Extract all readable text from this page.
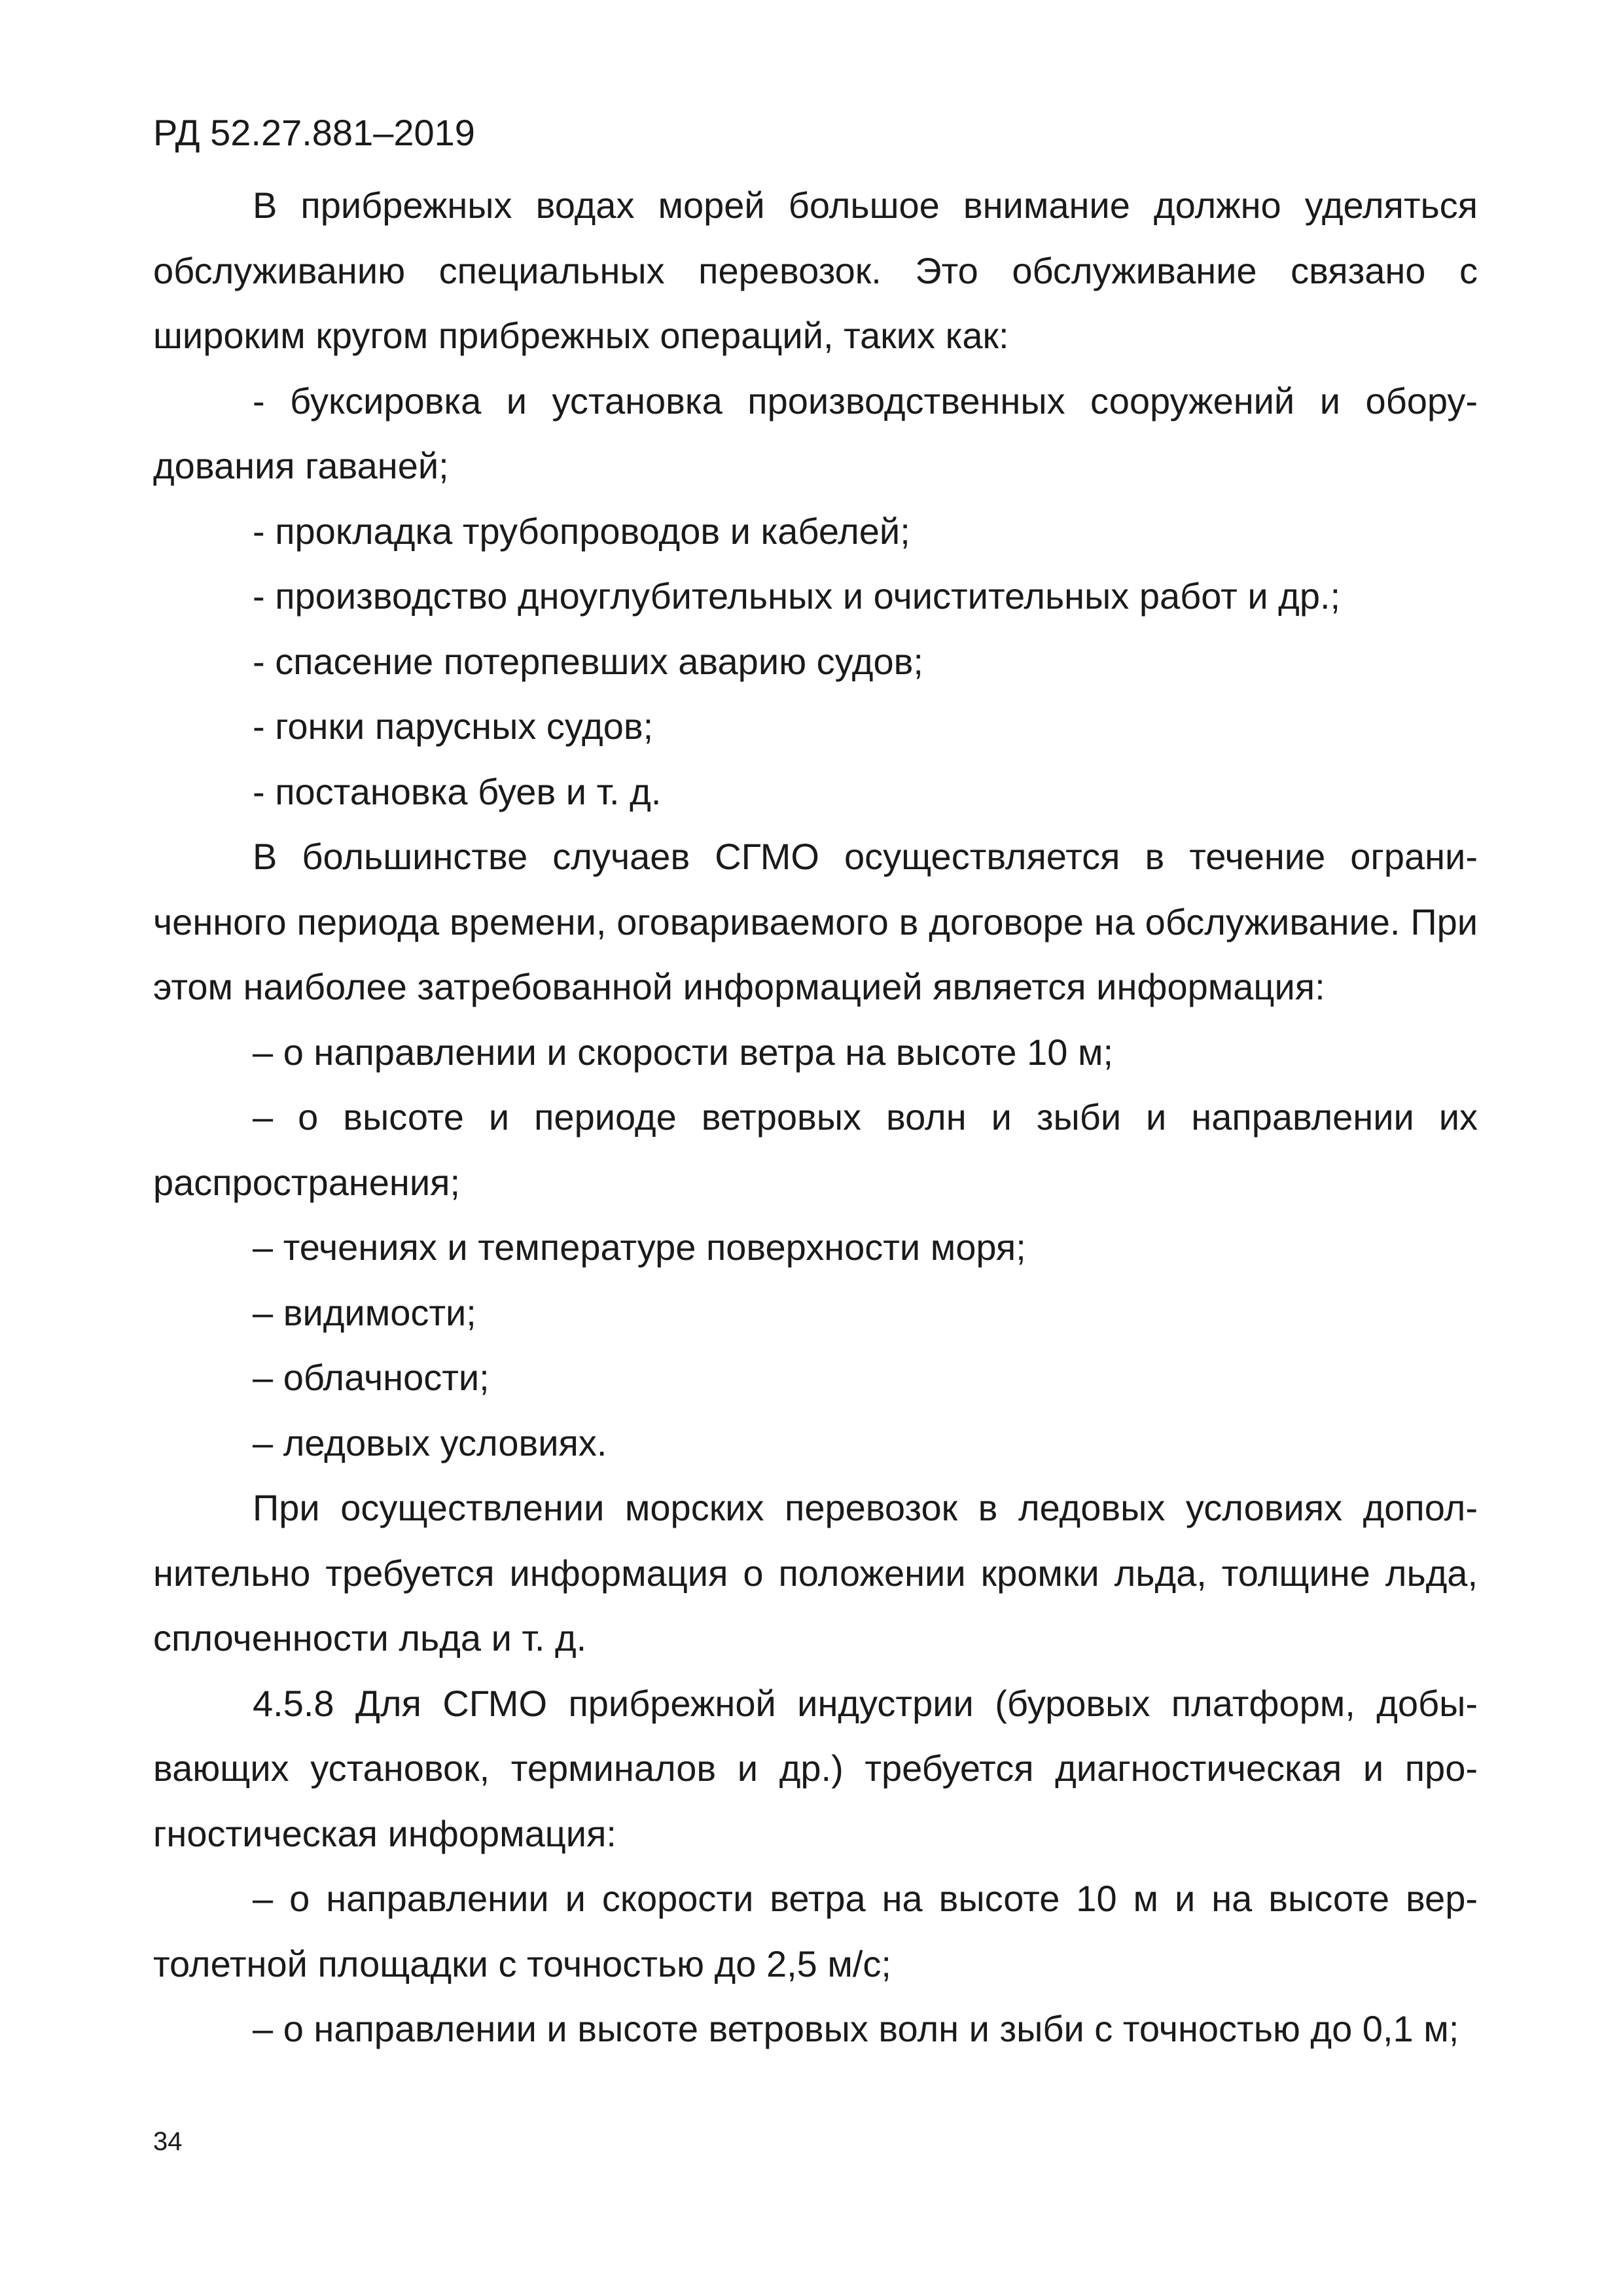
РД 52.27.881–2019

В прибрежных водах морей большое внимание должно уделяться обслуживанию специальных перевозок. Это обслуживание связано с широким кругом прибрежных операций, таких как:

- буксировка и установка производственных сооружений и обору-дования гаваней;

- прокладка трубопроводов и кабелей;

- производство дноуглубительных и очистительных работ и др.;

- спасение потерпевших аварию судов;

- гонки парусных судов;

- постановка буев и т. д.

В большинстве случаев СГМО осуществляется в течение ограни-ченного периода времени, оговариваемого в договоре на обслуживание. При этом наиболее затребованной информацией является информация:

– о направлении и скорости ветра на высоте 10 м;

– о высоте и периоде ветровых волн и зыби и направлении их распространения;

– течениях и температуре поверхности моря;

– видимости;

– облачности;

– ледовых условиях.

При осуществлении морских перевозок в ледовых условиях допол-нительно требуется информация о положении кромки льда, толщине льда, сплоченности льда и т. д.

4.5.8 Для СГМО прибрежной индустрии (буровых платформ, добы-вающих установок, терминалов и др.) требуется диагностическая и про-гностическая информация:

– о направлении и скорости ветра на высоте 10 м и на высоте вер-толетной площадки с точностью до 2,5 м/с;

– о направлении и высоте ветровых волн и зыби с точностью до 0,1 м;

34
